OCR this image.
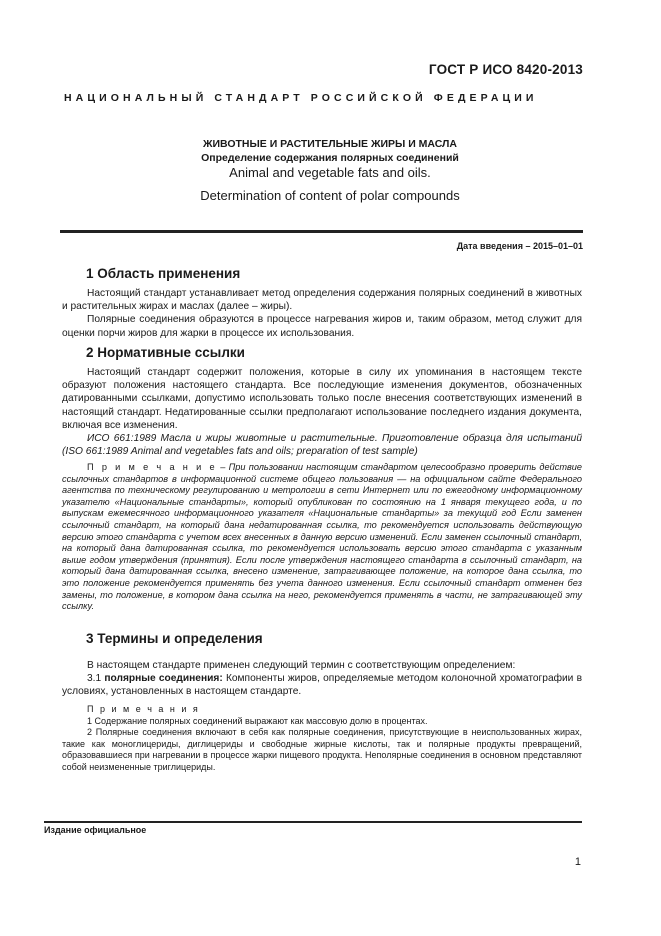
ГОСТ Р ИСО 8420-2013
НАЦИОНАЛЬНЫЙ СТАНДАРТ РОССИЙСКОЙ ФЕДЕРАЦИИ
ЖИВОТНЫЕ И РАСТИТЕЛЬНЫЕ ЖИРЫ И МАСЛА
Определение содержания полярных соединений
Animal and vegetable fats and oils.
Determination of content of polar compounds
Дата введения – 2015–01–01
1 Область применения

Настоящий стандарт устанавливает метод определения содержания полярных соединений в животных и растительных жирах и маслах (далее – жиры).

Полярные соединения образуются в процессе нагревания жиров и, таким образом, метод служит для оценки порчи жиров для жарки в процессе их использования.

2 Нормативные ссылки

Настоящий стандарт содержит положения, которые в силу их упоминания в настоящем тексте образуют положения настоящего стандарта. Все последующие изменения документов, обозначенных датированными ссылками, допустимо использовать только после внесения соответствующих изменений в настоящий стандарт. Недатированные ссылки предполагают использование последнего издания документа, включая все изменения.

ИСО 661:1989 Масла и жиры животные и растительные. Приготовление образца для испытаний (ISO 661:1989 Animal and vegetables fats and oils; preparation of test sample)

П р и м е ч а н и е – При пользовании настоящим стандартом целесообразно проверить действие ссылочных стандартов в информационной системе общего пользования — на официальном сайте Федерального агентства по техническому регулированию и метрологии в сети Интернет или по ежегодному информационному указателю «Национальные стандарты», который опубликован по состоянию на 1 января текущего года, и по выпускам ежемесячного информационного указателя «Национальные стандарты» за текущий год Если заменен ссылочный стандарт, на который дана недатированная ссылка, то рекомендуется использовать действующую версию этого стандарта с учетом всех внесенных в данную версию изменений. Если заменен ссылочный стандарт, на который дана датированная ссылка, то рекомендуется использовать версию этого стандарта с указанным выше годом утверждения (принятия). Если после утверждения настоящего стандарта в ссылочный стандарт, на который дана датированная ссылка, внесено изменение, затрагивающее положение, на которое дана ссылка, то это положение рекомендуется применять без учета данного изменения. Если ссылочный стандарт отменен без замены, то положение, в котором дана ссылка на него, рекомендуется применять в части, не затрагивающей эту ссылку.

3 Термины и определения

В настоящем стандарте применен следующий термин с соответствующим определением:

3.1 полярные соединения: Компоненты жиров, определяемые методом колоночной хроматографии в условиях, установленных в настоящем стандарте.

П р и м е ч а н и я

1 Содержание полярных соединений выражают как массовую долю в процентах.

2 Полярные соединения включают в себя как полярные соединения, присутствующие в неиспользованных жирах, такие как моноглицериды, диглицериды и свободные жирные кислоты, так и полярные продукты превращений, образовавшиеся при нагревании в процессе жарки пищевого продукта. Неполярные соединения в основном представляют собой неизмененные триглицериды.

Издание официальное
1
